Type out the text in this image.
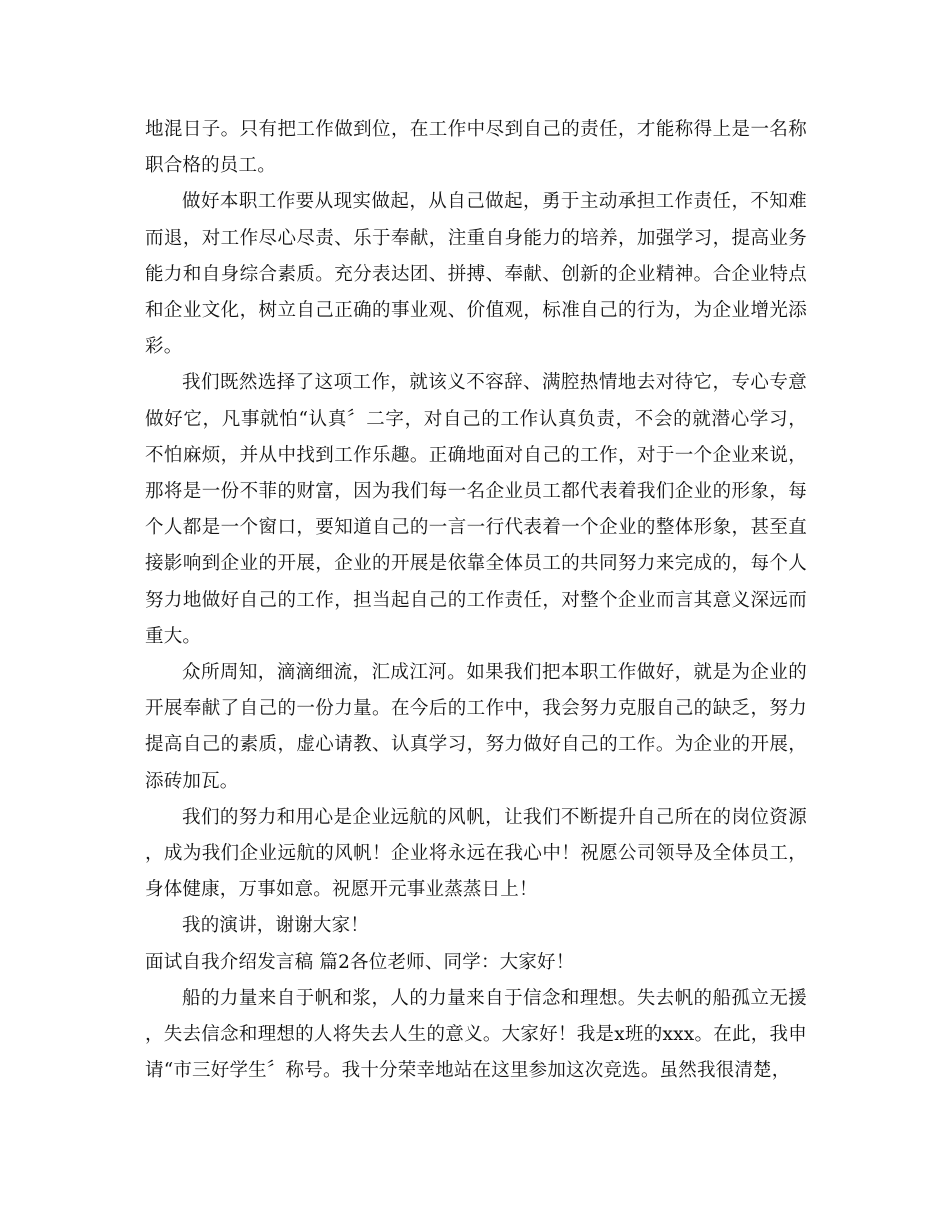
地混日子。只有把工作做到位，在工作中尽到自己的责任，才能称得上是一名称职合格的员工。

做好本职工作要从现实做起，从自己做起，勇于主动承担工作责任，不知难而退，对工作尽心尽责、乐于奉献，注重自身能力的培养，加强学习，提高业务能力和自身综合素质。充分表达团、拼搏、奉献、创新的企业精神。合企业特点和企业文化，树立自己正确的事业观、价值观，标准自己的行为，为企业增光添彩。

我们既然选择了这项工作，就该义不容辞、满腔热情地去对待它，专心专意做好它，凡事就怕“认真〞二字，对自己的工作认真负责，不会的就潜心学习，不怕麻烦，并从中找到工作乐趣。正确地面对自己的工作，对于一个企业来说，那将是一份不菲的财富，因为我们每一名企业员工都代表着我们企业的形象，每个人都是一个窗口，要知道自己的一言一行代表着一个企业的整体形象，甚至直接影响到企业的开展，企业的开展是依靠全体员工的共同努力来完成的，每个人努力地做好自己的工作，担当起自己的工作责任，对整个企业而言其意义深远而重大。

众所周知，滴滴细流，汇成江河。如果我们把本职工作做好，就是为企业的开展奉献了自己的一份力量。在今后的工作中，我会努力克服自己的缺乏，努力提高自己的素质，虚心请教、认真学习，努力做好自己的工作。为企业的开展，添砖加瓦。

我们的努力和用心是企业远航的风帆，让我们不断提升自己所在的岗位资源，成为我们企业远航的风帆！企业将永远在我心中！祝愿公司领导及全体员工，身体健康，万事如意。祝愿开元事业蒸蒸日上！

我的演讲，谢谢大家！

面试自我介绍发言稿 篇2各位老师、同学：大家好！

船的力量来自于帆和浆，人的力量来自于信念和理想。失去帆的船孤立无援，失去信念和理想的人将失去人生的意义。大家好！我是x班的xxx。在此，我申请“市三好学生〞称号。我十分荣幸地站在这里参加这次竞选。虽然我很清楚，
